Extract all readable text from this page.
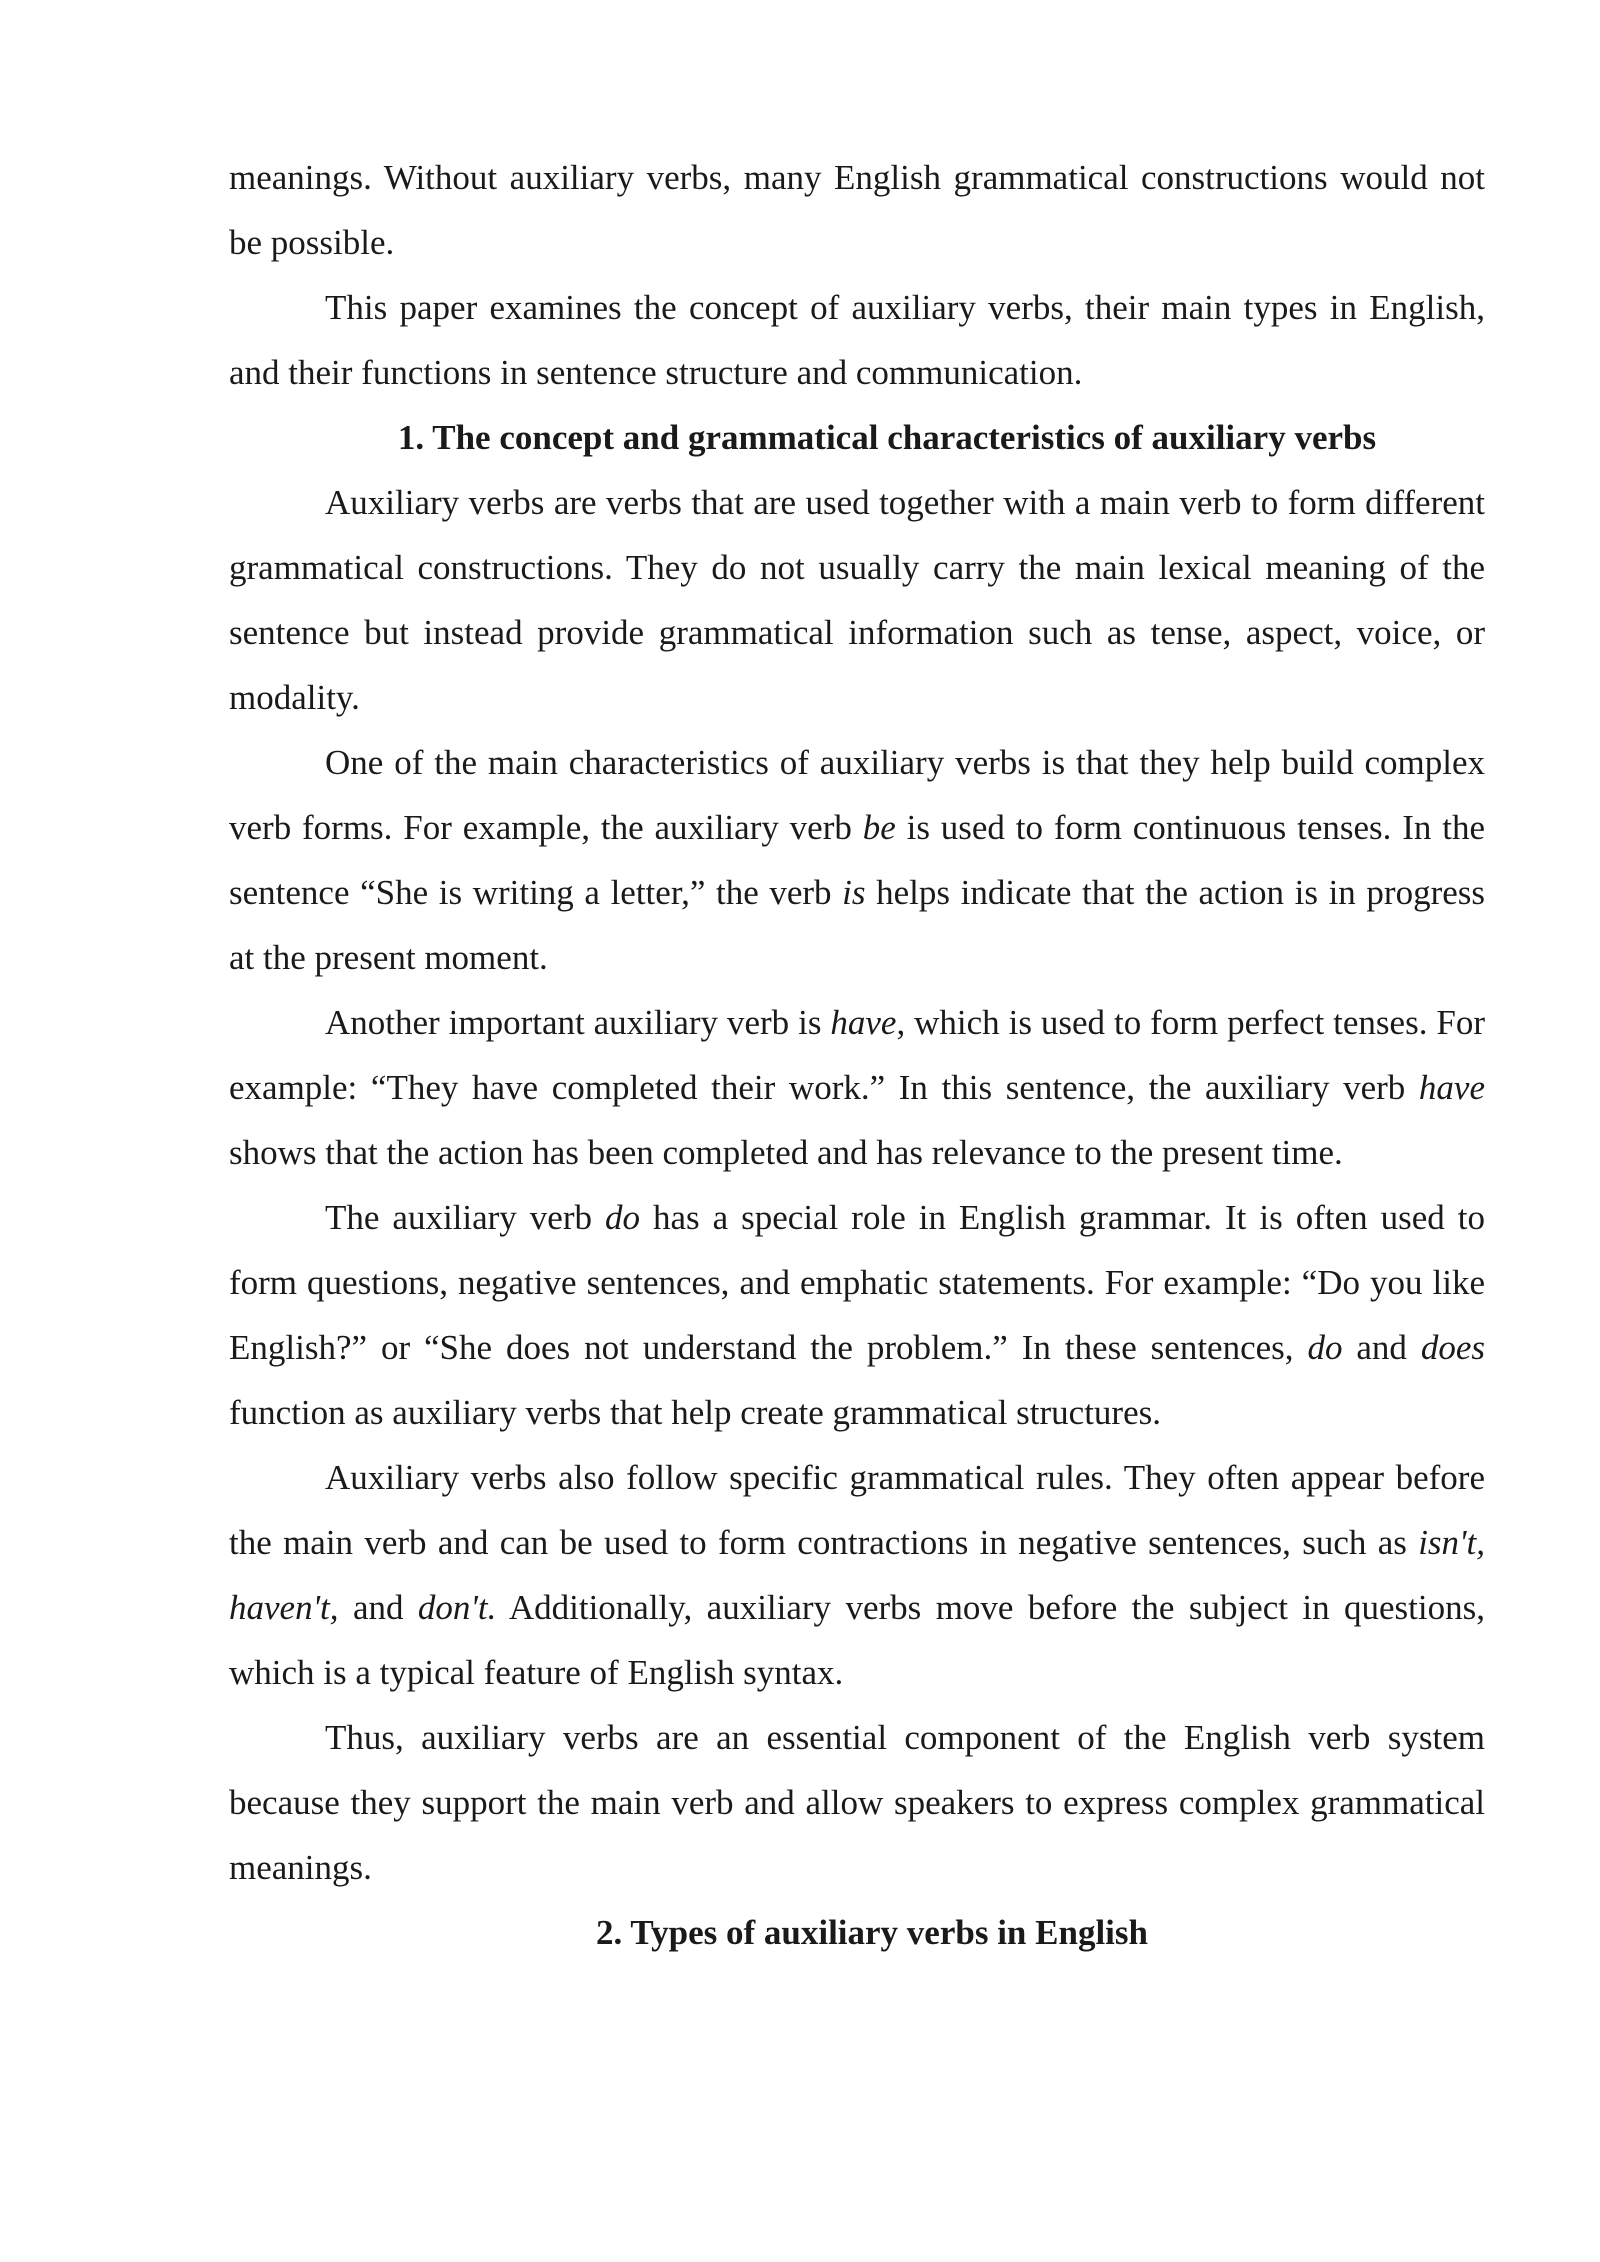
meanings. Without auxiliary verbs, many English grammatical constructions would not be possible.

This paper examines the concept of auxiliary verbs, their main types in English, and their functions in sentence structure and communication.

1. The concept and grammatical characteristics of auxiliary verbs

Auxiliary verbs are verbs that are used together with a main verb to form different grammatical constructions. They do not usually carry the main lexical meaning of the sentence but instead provide grammatical information such as tense, aspect, voice, or modality.

One of the main characteristics of auxiliary verbs is that they help build complex verb forms. For example, the auxiliary verb be is used to form continuous tenses. In the sentence “She is writing a letter,” the verb is helps indicate that the action is in progress at the present moment.

Another important auxiliary verb is have, which is used to form perfect tenses. For example: “They have completed their work.” In this sentence, the auxiliary verb have shows that the action has been completed and has relevance to the present time.

The auxiliary verb do has a special role in English grammar. It is often used to form questions, negative sentences, and emphatic statements. For example: “Do you like English?” or “She does not understand the problem.” In these sentences, do and does function as auxiliary verbs that help create grammatical structures.

Auxiliary verbs also follow specific grammatical rules. They often appear before the main verb and can be used to form contractions in negative sentences, such as isn't, haven't, and don't. Additionally, auxiliary verbs move before the subject in questions, which is a typical feature of English syntax.

Thus, auxiliary verbs are an essential component of the English verb system because they support the main verb and allow speakers to express complex grammatical meanings.

2. Types of auxiliary verbs in English
